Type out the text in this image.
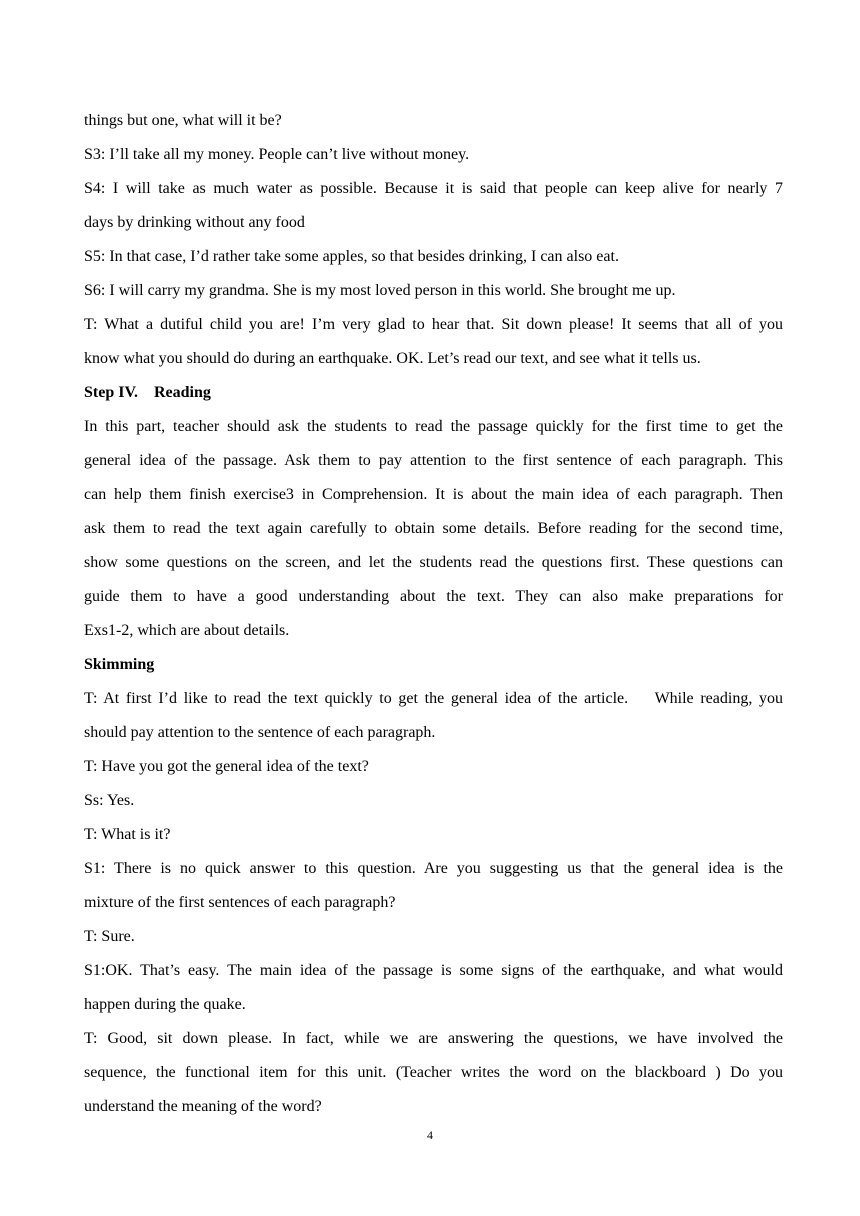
things but one, what will it be?
S3: I’ll take all my money. People can’t live without money.
S4: I will take as much water as possible. Because it is said that people can keep alive for nearly 7
days by drinking without any food
S5: In that case, I’d rather take some apples, so that besides drinking, I can also eat.
S6: I will carry my grandma. She is my most loved person in this world. She brought me up.
T: What a dutiful child you are! I’m very glad to hear that. Sit down please! It seems that all of you
know what you should do during an earthquake. OK. Let’s read our text, and see what it tells us.
Step IV.    Reading
In this part, teacher should ask the students to read the passage quickly for the first time to get the
general idea of the passage. Ask them to pay attention to the first sentence of each paragraph. This
can help them finish exercise3 in Comprehension. It is about the main idea of each paragraph. Then
ask them to read the text again carefully to obtain some details. Before reading for the second time,
show some questions on the screen, and let the students read the questions first. These questions can
guide them to have a good understanding about the text. They can also make preparations for
Exs1-2, which are about details.
Skimming
T: At first I’d like to read the text quickly to get the general idea of the article.    While reading, you
should pay attention to the sentence of each paragraph.
T: Have you got the general idea of the text?
Ss: Yes.
T: What is it?
S1: There is no quick answer to this question. Are you suggesting us that the general idea is the
mixture of the first sentences of each paragraph?
T: Sure.
S1:OK. That’s easy. The main idea of the passage is some signs of the earthquake, and what would
happen during the quake.
T: Good, sit down please. In fact, while we are answering the questions, we have involved the
sequence, the functional item for this unit. (Teacher writes the word on the blackboard ) Do you
understand the meaning of the word?
4
